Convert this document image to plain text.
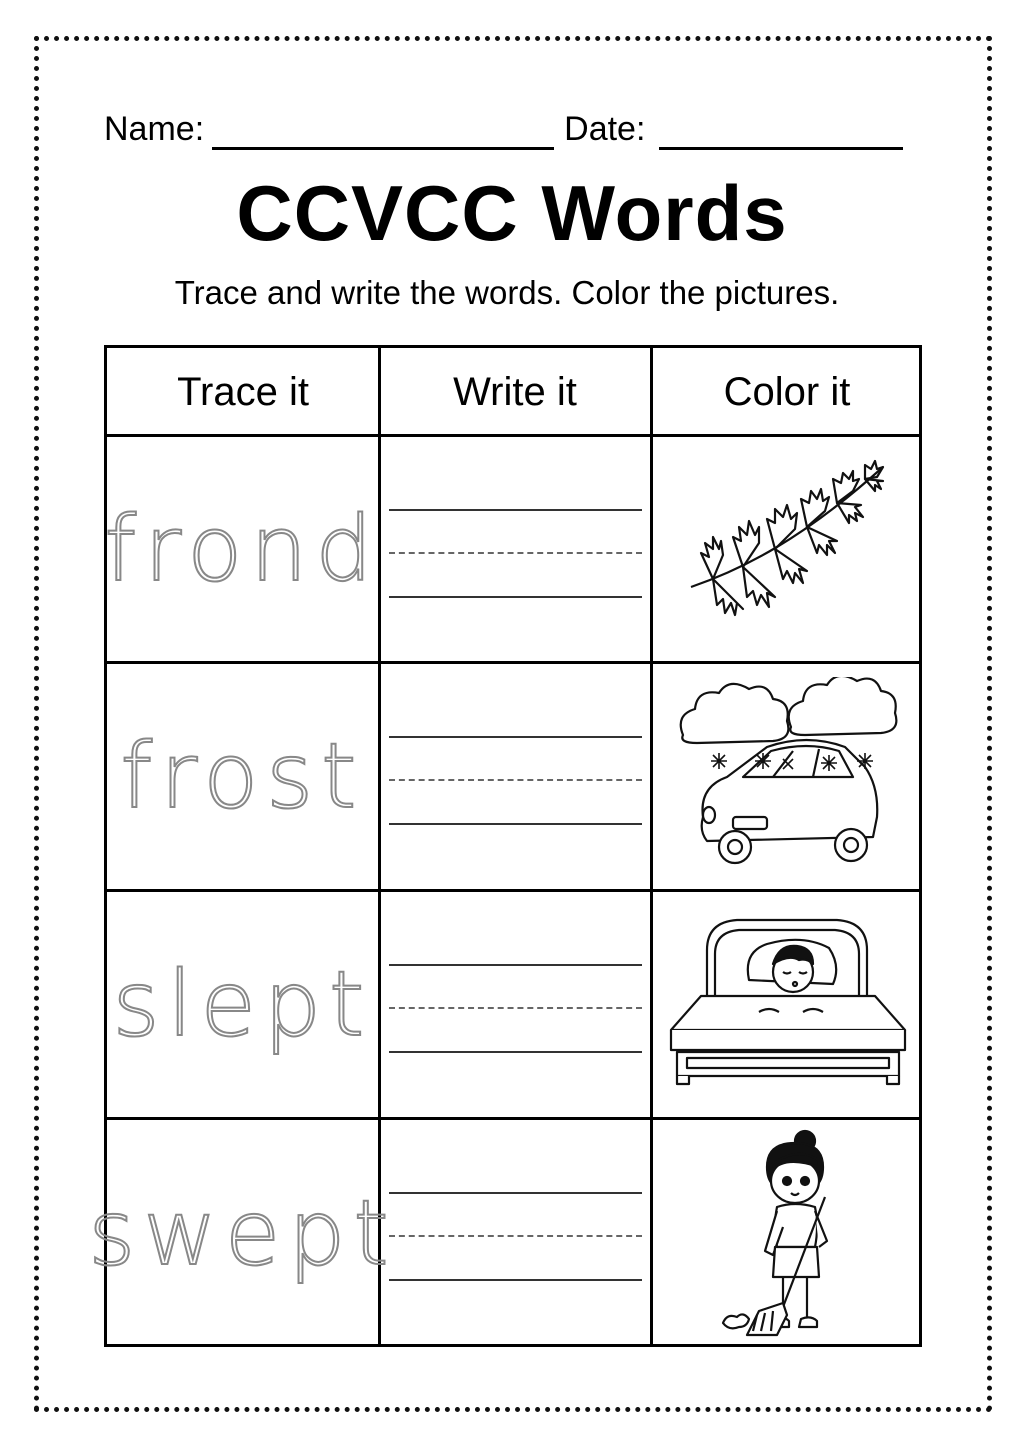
Name:	Date:
CCVCC Words
Trace and write the words. Color the pictures.
Trace it	Write it	Color it
frond
frost
slept
swept
